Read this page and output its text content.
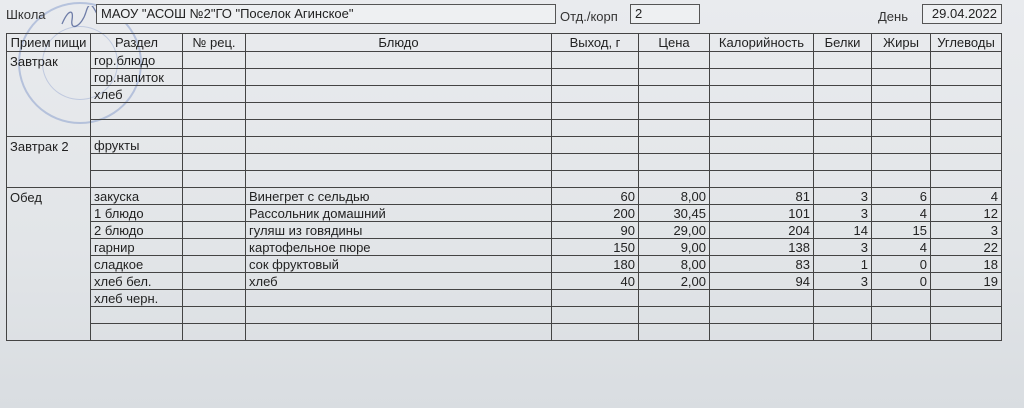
Школа	МАОУ "АСОШ №2"ГО "Поселок Агинское"	Отд./корп	2	День	29.04.2022
Прием пищи	Раздел	№ рец.	Блюдо	Выход, г	Цена	Калорийность	Белки	Жиры	Углеводы
Завтрак	гор.блюдо								
	гор.напиток								
	хлеб								

Завтрак 2	фрукты								

Обед	закуска		Винегрет с сельдью	60	8,00	81	3	6	4
	1 блюдо		Рассольник домашний	200	30,45	101	3	4	12
	2 блюдо		гуляш из говядины	90	29,00	204	14	15	3
	гарнир		картофельное пюре	150	9,00	138	3	4	22
	сладкое		сок фруктовый	180	8,00	83	1	0	18
	хлеб бел.		хлеб	40	2,00	94	3	0	19
	хлеб черн.								
